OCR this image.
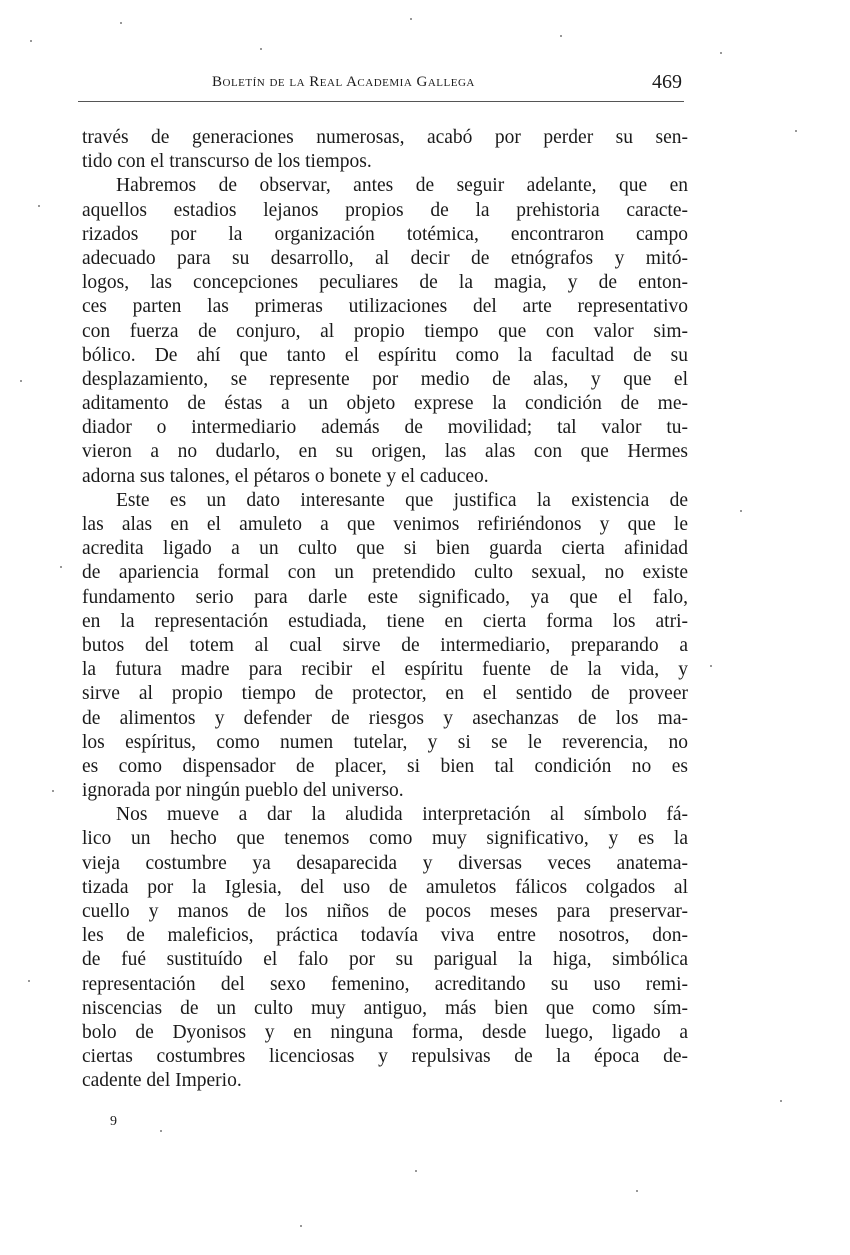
Boletín de la Real Academia Gallega	469
través de generaciones numerosas, acabó por perder su sen-
tido con el transcurso de los tiempos.
Habremos de observar, antes de seguir adelante, que en
aquellos estadios lejanos propios de la prehistoria caracte-
rizados por la organización totémica, encontraron campo
adecuado para su desarrollo, al decir de etnógrafos y mitó-
logos, las concepciones peculiares de la magia, y de enton-
ces parten las primeras utilizaciones del arte representativo
con fuerza de conjuro, al propio tiempo que con valor sim-
bólico. De ahí que tanto el espíritu como la facultad de su
desplazamiento, se represente por medio de alas, y que el
aditamento de éstas a un objeto exprese la condición de me-
diador o intermediario además de movilidad; tal valor tu-
vieron a no dudarlo, en su origen, las alas con que Hermes
adorna sus talones, el pétaros o bonete y el caduceo.
Este es un dato interesante que justifica la existencia de
las alas en el amuleto a que venimos refiriéndonos y que le
acredita ligado a un culto que si bien guarda cierta afinidad
de apariencia formal con un pretendido culto sexual, no existe
fundamento serio para darle este significado, ya que el falo,
en la representación estudiada, tiene en cierta forma los atri-
butos del totem al cual sirve de intermediario, preparando a
la futura madre para recibir el espíritu fuente de la vida, y
sirve al propio tiempo de protector, en el sentido de proveer
de alimentos y defender de riesgos y asechanzas de los ma-
los espíritus, como numen tutelar, y si se le reverencia, no
es como dispensador de placer, si bien tal condición no es
ignorada por ningún pueblo del universo.
Nos mueve a dar la aludida interpretación al símbolo fá-
lico un hecho que tenemos como muy significativo, y es la
vieja costumbre ya desaparecida y diversas veces anatema-
tizada por la Iglesia, del uso de amuletos fálicos colgados al
cuello y manos de los niños de pocos meses para preservar-
les de maleficios, práctica todavía viva entre nosotros, don-
de fué sustituído el falo por su parigual la higa, simbólica
representación del sexo femenino, acreditando su uso remi-
niscencias de un culto muy antiguo, más bien que como sím-
bolo de Dyonisos y en ninguna forma, desde luego, ligado a
ciertas costumbres licenciosas y repulsivas de la época de-
cadente del Imperio.
9
